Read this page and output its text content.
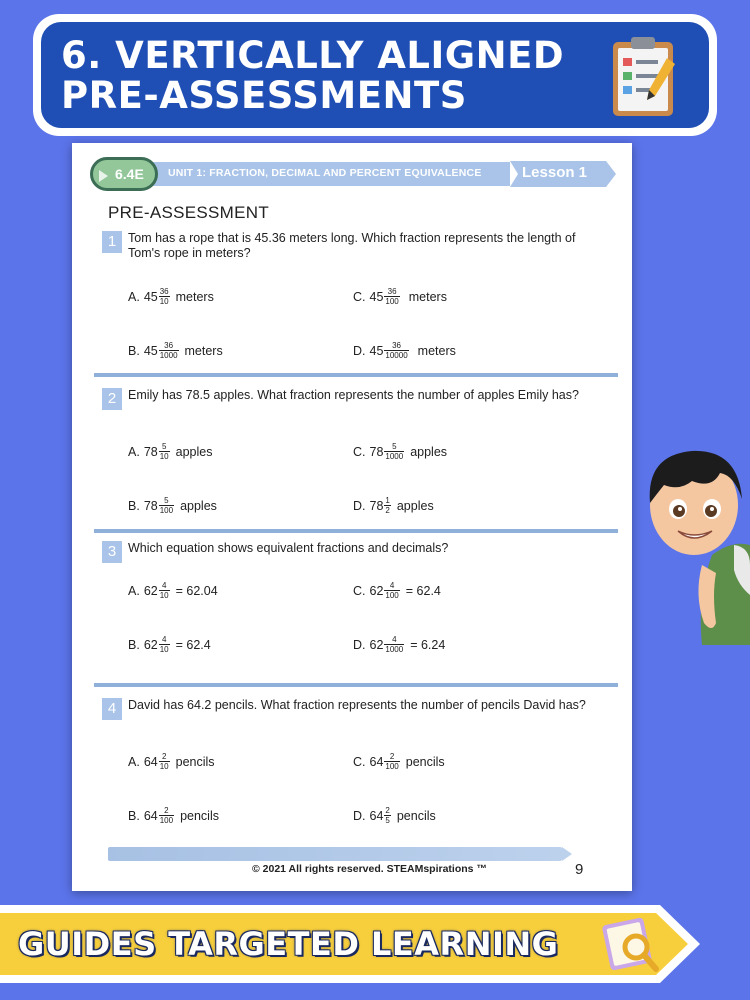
6. VERTICALLY ALIGNED
PRE-ASSESSMENTS
6.4E UNIT 1: FRACTION, DECIMAL AND PERCENT EQUIVALENCE	Lesson 1
PRE-ASSESSMENT
1 Tom has a rope that is 45.36 meters long. Which fraction represents the length of Tom's rope in meters?
A. $45 \frac{36}{10}$ meters	C. $45 \frac{36}{100}$ meters
B. $45 \frac{36}{1000}$ meters	D. $45 \frac{36}{10000}$ meters
2 Emily has 78.5 apples. What fraction represents the number of apples Emily has?
A. $78 \frac{5}{10}$ apples	C. $78 \frac{5}{1000}$ apples
B. $78 \frac{5}{100}$ apples	D. $78 \frac{1}{2}$ apples
3 Which equation shows equivalent fractions and decimals?
A. $62 \frac{4}{10} = 62.04$	C. $62 \frac{4}{100} = 62.4$
B. $62 \frac{4}{10} = 62.4$	D. $62 \frac{4}{1000} = 6.24$
4 David has 64.2 pencils. What fraction represents the number of pencils David has?
A. $64 \frac{2}{10}$ pencils	C. $64 \frac{2}{100}$ pencils
B. $64 \frac{2}{100}$ pencils	D. $64 \frac{2}{5}$ pencils
© 2021 All rights reserved. STEAMspirations ™	9
GUIDES TARGETED LEARNING
